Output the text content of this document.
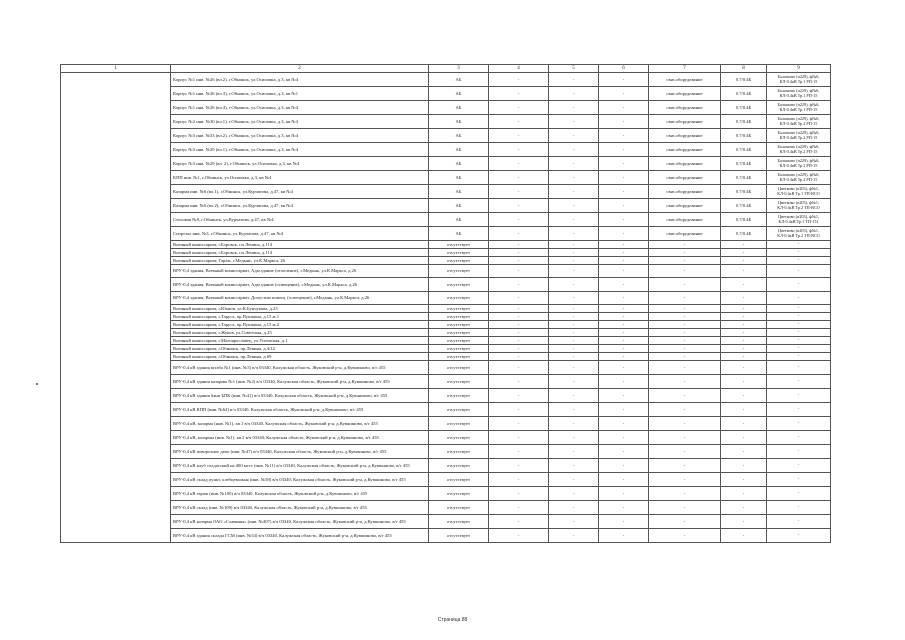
1	2	3	4	5	6	7	8	9
	Корпус №1 инв. №26 (вл.2), г.Обнинск, ул.Осиповка, д.3, кв №4	АБ	-	-	-	связ.оборудование	0.7/0.4Б	Балашово (п229), ф№6, КЛ-0.4кВ Тр.1 РП-15
	Корпус №1 инв. №26 (вл.3), г.Обнинск, ул.Осиповка, д.3, кв №1	АБ	-	-	-	связ.оборудование	0.7/0.4Б	Балашово (п229), ф№6, КЛ-0.4кВ Тр.1 РП-15
	Корпус №1 инв. №26 (вл.4), г.Обнинск, ул.Осиповка, д.3, кв №4	АБ	-	-	-	связ.оборудование	0.7/0.4Б	Балашово (п229), ф№6, КЛ-0.4кВ Тр.1 РП-15
	Корпус №2 инв. №30 (вл.1), г.Обнинск, ул.Осиповка, д.3, кв №4	АБ	-	-	-	связ.оборудование	0.7/0.4Б	Балашово (п229), ф№6, КЛ-0.4кВ Тр.2 РП-15
	Корпус №3 инв. №33 (вл.2), г.Обнинск, ул.Осиповка, д.3, кв №4	АБ	-	-	-	связ.оборудование	0.7/0.4Б	Балашово (п229), ф№6, КЛ-0.4кВ Тр.2 РП-15
	Корпус №3 инв. №29 (вл.1), г.Обнинск, ул.Осиповка, д.3, кв №4	АБ	-	-	-	связ.оборудование	0.7/0.4Б	Балашово (п229), ф№6, КЛ-0.4кВ Тр.2 РП-15
	Корпус №3 инв. №29 (вл. 2), г.Обнинск, ул.Осиповка, д.3, кв №4	АБ	-	-	-	связ.оборудование	0.7/0.4Б	Балашово (п229), ф№6, КЛ-0.4кВ Тр.2 РП-15
	КПП инв. №1, г.Обнинск, ул.Осиповка, д.3, кв №4	АБ	-	-	-	связ.оборудование	0.7/0.4Б	Балашово (п229), ф№6, КЛ-0.4кВ Тр.2 РП-15
	Казарма инв. №6 (вл.1), г.Обнинск, ул.Курчатова, д.47, кв №4	АБ	-	-	-	связ.оборудование	0.7/0.4Б	Цветково (п203), ф№1, КЛ-0.4кВ Тр.1 ТП-ВСО
	Казарма инв. №6 (вл.2), г.Обнинск, ул.Курчатова, д.47, кв №4	АБ	-	-	-	связ.оборудование	0.7/0.4Б	Цветково (п203), ф№1, КЛ-0.4кВ Тр.2 ТП-ВСО
	Столовая №8, г.Обнинск, ул.Курчатова, д.47, кв №4	АБ	-	-	-	связ.оборудование	0.7/0.4Б	Цветково (п203), ф№1, КЛ-0.4кВ Тр.1 ТП-151
	Спортзал инв. №3, г.Обнинск, ул.Курчатова, д.47, кв №4	АБ	-	-	-	связ.оборудование	0.7/0.4Б	Цветково (п203), ф№1, КЛ-0.4кВ Тр.2 ТП-ВСО
	Военный комиссариат, г.Боровск, пл.Ленина, д.114	отсутствует	-	-	-	-	-	-
	Военный комиссариат, г.Боровск, пл.Ленина, д.114	отсутствует	-	-	-	-	-	-
	Военный комиссариат, Гараж, г.Медынь, ул.К.Маркса, 26	отсутствует	-	-	-	-	-	-
	ВРУ-0,4 здания, Военный комиссариат, Адм.здание (отопление), г.Медынь, ул.К.Маркса, д.26	отсутствует	-	-	-	-	-	-
	ВРУ-0,4 здания, Военный комиссариат, Адм.здание (освещение), г.Медынь, ул.К.Маркса, д.26	отсутствует	-	-	-	-	-	-
	ВРУ-0,4 здания, Военный комиссариат, Допустим помещ. (освещение), г.Медынь, ул.К.Маркса, д.26	отсутствует	-	-	-	-	-	-
	Военный комиссариат, г.Юхнов, ул.К.Бунчукова, д.23	отсутствует	-	-	-	-	-	-
	Военный комиссариат, г.Таруса, пр.Пушкина, д.15 ж.1	отсутствует	-	-	-	-	-	-
	Военный комиссариат, г.Таруса, пр.Пушкина, д.15 ж.2	отсутствует	-	-	-	-	-	-
	Военный комиссариат, г.Жуков, ул.Советская, д.25	отсутствует	-	-	-	-	-	-
	Военный комиссариат, г.Малоярославец, ул.Успенская, д.1	отсутствует	-	-	-	-	-	-
	Военный комиссариат, г.Обнинск, пр.Ленина, д.4/12	отсутствует	-	-	-	-	-	-
	Военный комиссариат, г.Обнинск, пр.Ленина, д.69	отсутствует	-	-	-	-	-	-
	ВРУ-0,4 кВ здания штаба №1 (инв. №5) в/ч 03340, Калужская область, Жуковский р-н, д.Кувшиново, в/г 455	отсутствует	-	-	-	-	-	-
	ВРУ-0,4 кВ здания казармы №1 (инв. №2) в/ч 03340, Калужская область, Жуковский р-н, д.Кувшиново, в/г 455	отсутствует	-	-	-	-	-	-
	ВРУ-0,4 кВ здания бани БПК (инв. №41) в/ч 03340, Калужская область, Жуковский р-н, д.Кувшиново, в/г 455	отсутствует	-	-	-	-	-	-
	ВРУ-0,4 кВ КПП (инв. №64) в/ч 03340, Калужская область, Жуковский р-н, д.Кувшиново, в/г 455	отсутствует	-	-	-	-	-	-
	ВРУ-0,4 кВ, казарма (инв. №1), кв.1 в/ч 03340, Калужская область, Жуковский р-н, д.Кувшиново, в/г 455	отсутствует	-	-	-	-	-	-
	ВРУ-0,4 кВ, казармы (инв. №1), кв.2 в/ч 03340, Калужская область, Жуковский р-н, д.Кувшиново, в/г 455	отсутствует	-	-	-	-	-	-
	ВРУ-0,4 кВ поворотное депо (инв. №47) в/ч 03340, Калужская область, Жуковский р-н, д.Кувшиново, в/г 455	отсутствует	-	-	-	-	-	-
	ВРУ-0,4 кВ клуб солдатский на 400 мест (инв. №11) в/ч 03340, Калужская область, Жуковский р-н, д.Кувшиново, в/г 455	отсутствует	-	-	-	-	-	-
	ВРУ-0,4 кВ склад пункт, хлебцевальня (инв. №58) в/ч 03340, Калужская область, Жуковский р-н, д.Кувшиново, в/г 455	отсутствует	-	-	-	-	-	-
	ВРУ-0,4 кВ гараж (инв. №100) в/ч 03340, Калужская область, Жуковский р-н, д.Кувшиново, в/г 455	отсутствует	-	-	-	-	-	-
	ВРУ-0,4 кВ склад (инв. №109) в/ч 03340, Калужская область, Жуковский р-н, д.Кувшиново, в/г 455	отсутствует	-	-	-	-	-	-
	ВРУ-0,4 кВ казарма ОАО «Славянка» (инв. №407) в/ч 03340, Калужская область, Жуковский р-н, д.Кувшиново, в/г 455	отсутствует	-	-	-	-	-	-
	ВРУ-0,4 кВ здания склада ГСМ (инв. №54) в/ч 03340, Калужская область, Жуковский р-н, д.Кувшиново, в/г 455	отсутствует	-	-	-	-	-	-
Страница 88
